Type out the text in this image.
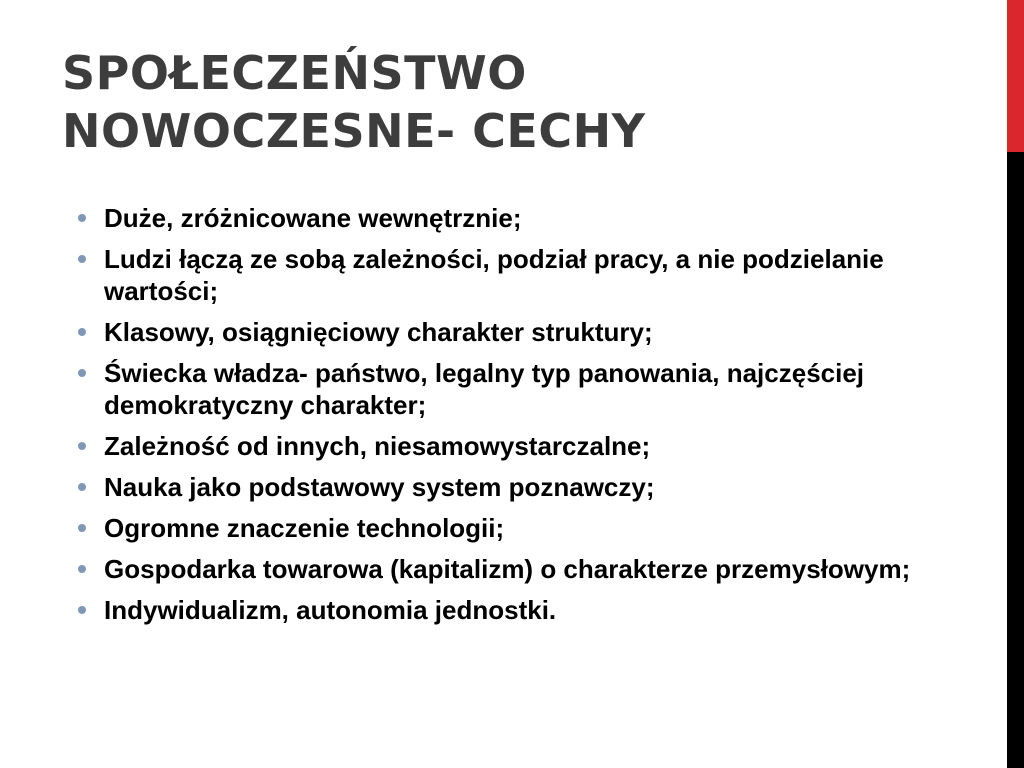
SPOŁECZEŃSTWO
NOWOCZESNE- CECHY
Duże, zróżnicowane wewnętrznie;
Ludzi łączą ze sobą zależności, podział pracy, a nie podzielanie wartości;
Klasowy, osiągnięciowy charakter struktury;
Świecka władza- państwo, legalny typ panowania, najczęściej demokratyczny charakter;
Zależność od innych, niesamowystarczalne;
Nauka jako podstawowy system poznawczy;
Ogromne znaczenie technologii;
Gospodarka towarowa (kapitalizm) o charakterze przemysłowym;
Indywidualizm, autonomia jednostki.
